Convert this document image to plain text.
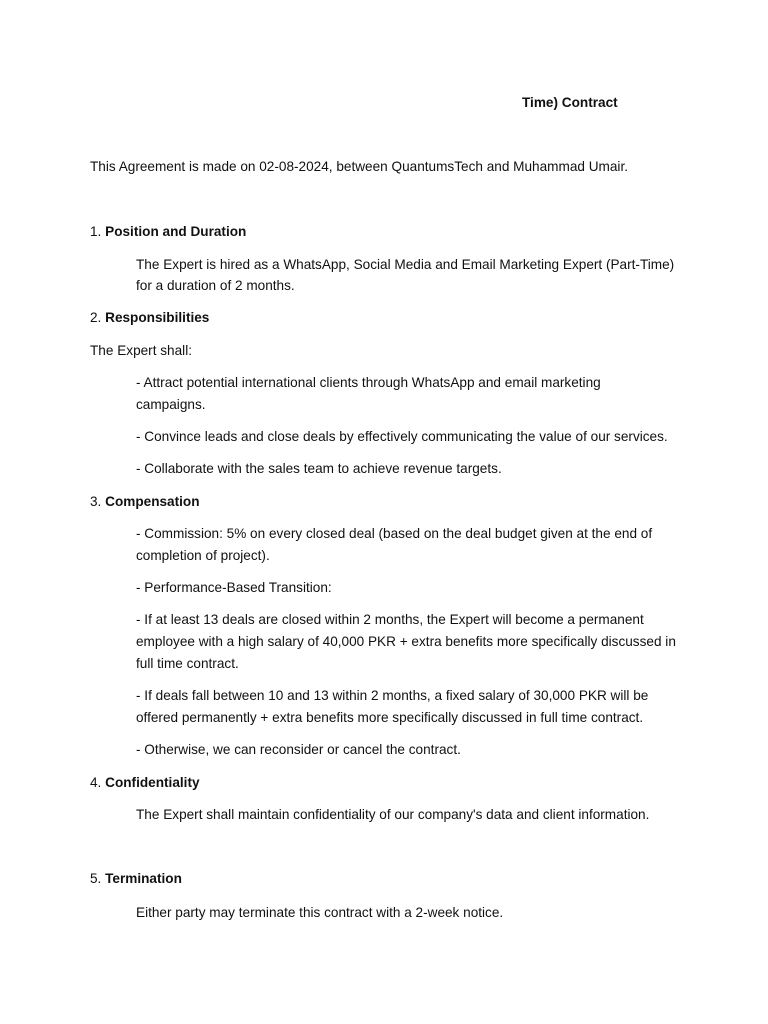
Time) Contract
This Agreement is made on 02-08-2024, between QuantumsTech and Muhammad Umair.
1. Position and Duration
The Expert is hired as a WhatsApp, Social Media and Email Marketing Expert (Part-Time)
for a duration of 2 months.
2. Responsibilities
The Expert shall:
- Attract potential international clients through WhatsApp and email marketing
campaigns.
- Convince leads and close deals by effectively communicating the value of our services.
- Collaborate with the sales team to achieve revenue targets.
3. Compensation
- Commission: 5% on every closed deal (based on the deal budget given at the end of
completion of project).
- Performance-Based Transition:
- If at least 13 deals are closed within 2 months, the Expert will become a permanent
employee with a high salary of 40,000 PKR + extra benefits more specifically discussed in
full time contract.
- If deals fall between 10 and 13 within 2 months, a fixed salary of 30,000 PKR will be
offered permanently + extra benefits more specifically discussed in full time contract.
- Otherwise, we can reconsider or cancel the contract.
4. Confidentiality
The Expert shall maintain confidentiality of our company's data and client information.
5. Termination
Either party may terminate this contract with a 2-week notice.
